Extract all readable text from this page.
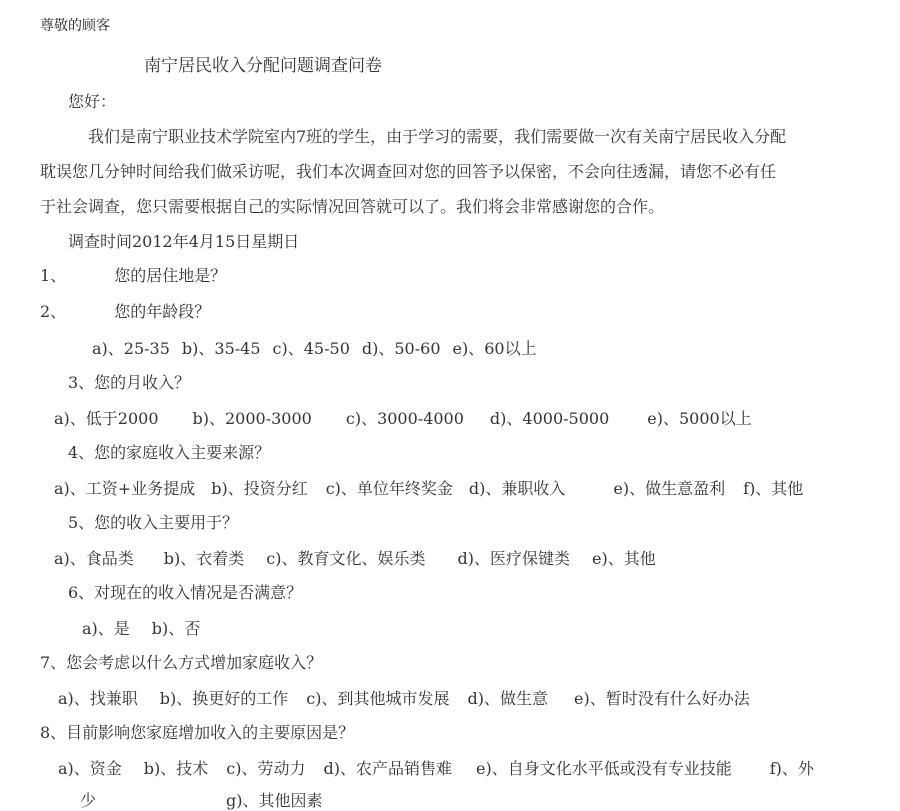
尊敬的顾客
南宁居民收入分配问题调查问卷
您好：
我们是南宁职业技术学院室内7班的学生，由于学习的需要，我们需要做一次有关南宁居民收入分配
耽误您几分钟时间给我们做采访呢，我们本次调查回对您的回答予以保密，不会向往透漏，请您不必有任
于社会调查，您只需要根据自己的实际情况回答就可以了。我们将会非常感谢您的合作。
调查时间2012年4月15日星期日
1、	您的居住地是？
2、	您的年龄段？
a)、25-35 b)、35-45 c)、45-50 d)、50-60 e)、60以上
3、您的月收入？
a)、低于2000 b)、2000-3000 c)、3000-4000 d)、4000-5000 e)、5000以上
4、您的家庭收入主要来源？
a)、工资+业务提成 b)、投资分红 c)、单位年终奖金 d)、兼职收入	e)、做生意盈利 f)、其他
5、您的收入主要用于？
a)、食品类 b)、衣着类 c)、教育文化、娱乐类 d)、医疗保键类 e)、其他
6、对现在的收入情况是否满意？
a)、是 b)、否
7、您会考虑以什么方式增加家庭收入？
a)、找兼职 b)、换更好的工作 c)、到其他城市发展 d)、做生意 e)、暂时没有什么好办法
8、目前影响您家庭增加收入的主要原因是？
a)、资金 b)、技术 c)、劳动力 d)、农产品销售难 e)、自身文化水平低或没有专业技能 f)、外
少	g)、其他因素
